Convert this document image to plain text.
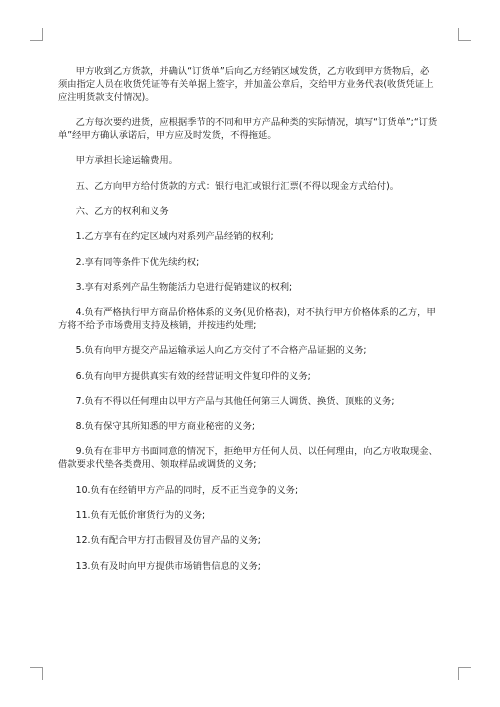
甲方收到乙方货款，并确认“订货单”后向乙方经销区域发货，乙方收到甲方货物后，必须由指定人员在收货凭证等有关单据上签字，并加盖公章后，交给甲方业务代表(收货凭证上应注明货款支付情况)。

乙方每次要约进货，应根据季节的不同和甲方产品种类的实际情况，填写“订货单”;“订货单”经甲方确认承诺后，甲方应及时发货，不得拖延。

甲方承担长途运输费用。

五、乙方向甲方给付货款的方式：银行电汇或银行汇票(不得以现金方式给付)。

六、乙方的权利和义务

1.乙方享有在约定区域内对系列产品经销的权利;

2.享有同等条件下优先续约权;

3.享有对系列产品生物能活力皂进行促销建议的权利;

4.负有严格执行甲方商品价格体系的义务(见价格表)，对不执行甲方价格体系的乙方，甲方将不给予市场费用支持及核销，并按违约处理;

5.负有向甲方提交产品运输承运人向乙方交付了不合格产品证据的义务;

6.负有向甲方提供真实有效的经营证明文件复印件的义务;

7.负有不得以任何理由以甲方产品与其他任何第三人调货、换货、顶账的义务;

8.负有保守其所知悉的甲方商业秘密的义务;

9.负有在非甲方书面同意的情况下，拒绝甲方任何人员、以任何理由，向乙方收取现金、借款要求代垫各类费用、领取样品或调货的义务;

10.负有在经销甲方产品的同时，反不正当竞争的义务;

11.负有无低价窜货行为的义务;

12.负有配合甲方打击假冒及仿冒产品的义务;

13.负有及时向甲方提供市场销售信息的义务;
